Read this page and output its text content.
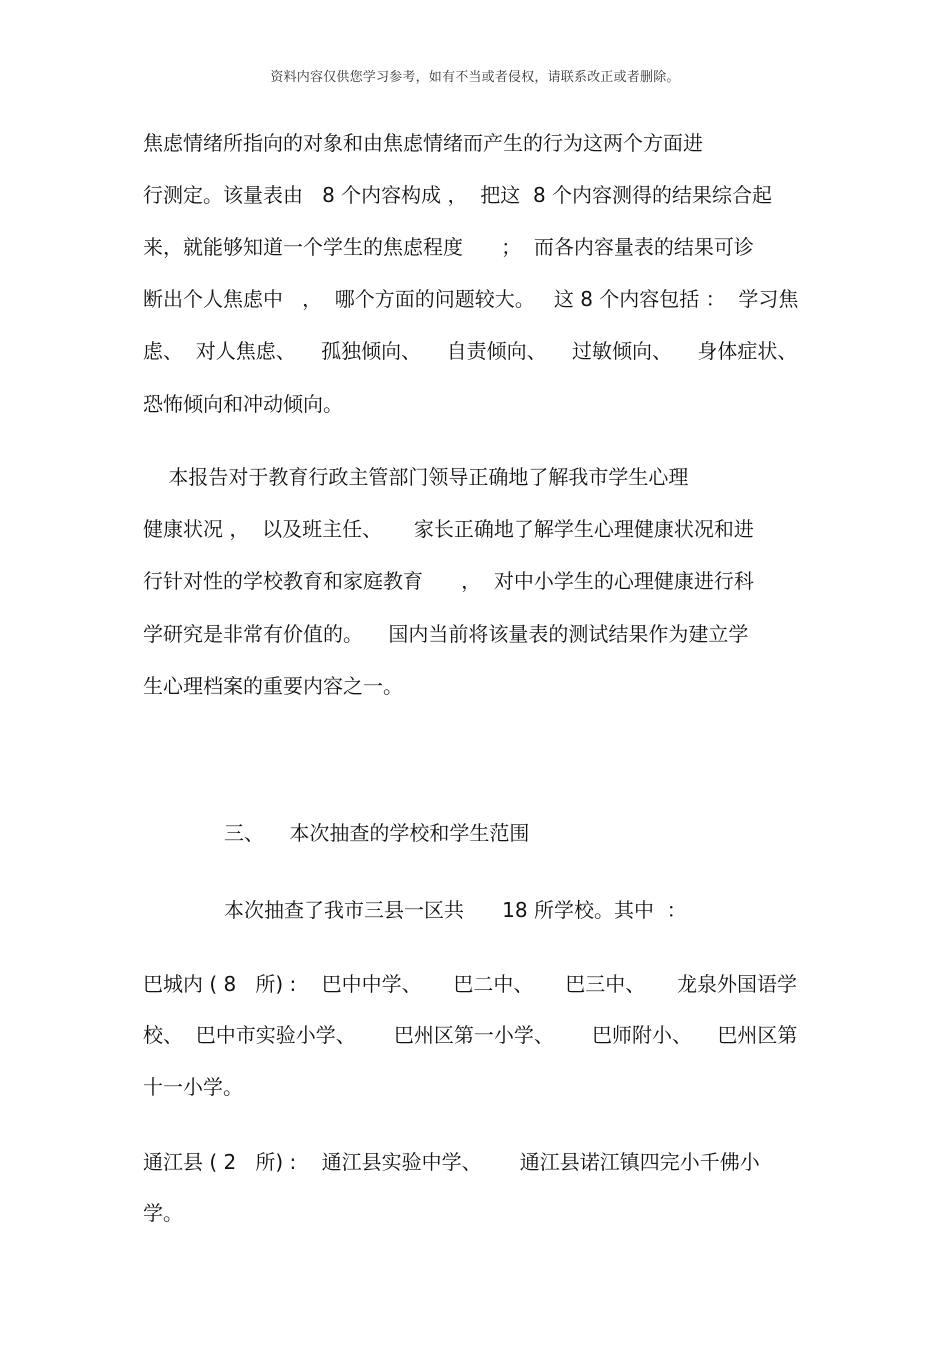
资料内容仅供您学习参考，如有不当或者侵权，请联系改正或者删除。
焦虑情绪所指向的对象和由焦虑情绪而产生的行为这两个方面进
行测定。该量表由   8 个内容构成 ，  把这  8 个内容测得的结果综合起
来，就能够知道一个学生的焦虑程度      ；  而各内容量表的结果可诊
断出个人焦虑中   ，  哪个方面的问题较大。   这 8 个内容包括 ：  学习焦
虑、  对人焦虑、    孤独倾向、    自责倾向、    过敏倾向、    身体症状、
恐怖倾向和冲动倾向。
本报告对于教育行政主管部门领导正确地了解我市学生心理
健康状况 ，  以及班主任、     家长正确地了解学生心理健康状况和进
行针对性的学校教育和家庭教育      ，  对中小学生的心理健康进行科
学研究是非常有价值的。    国内当前将该量表的测试结果作为建立学
生心理档案的重要内容之一。
三、    本次抽查的学校和学生范围
本次抽查了我市三县一区共      18 所学校。其中  ：
巴城内 ( 8   所) :    巴中中学、     巴二中、     巴三中、     龙泉外国语学
校、  巴中市实验小学、      巴州区第一小学、      巴师附小、    巴州区第
十一小学。
通江县 ( 2   所) :    通江县实验中学、      通江县诺江镇四完小千佛小
学。
